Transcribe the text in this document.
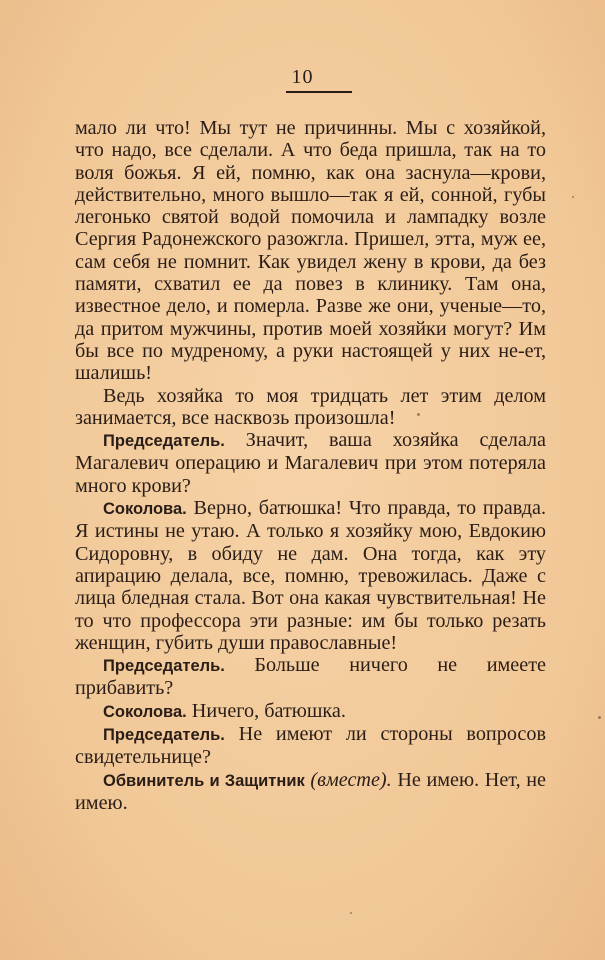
10

мало ли что! Мы тут не причинны. Мы с хозяйкой, что надо, все сделали. А что беда пришла, так на то воля божья. Я ей, помню, как она заснула—крови, действительно, много вышло—так я ей, сонной, губы легонько святой водой помочила и лампадку возле Сергия Радонежского разожгла. Пришел, этта, муж ее, сам себя не помнит. Как увидел жену в крови, да без памяти, схватил ее да повез в клинику. Там она, известное дело, и померла. Разве же они, ученые—то, да притом мужчины, против моей хозяйки могут? Им бы все по мудреному, а руки настоящей у них не-ет, шалишь!

Ведь хозяйка то моя тридцать лет этим делом занимается, все насквозь произошла!

Председатель. Значит, ваша хозяйка сделала Магалевич операцию и Магалевич при этом потеряла много крови?

Соколова. Верно, батюшка! Что правда, то правда. Я истины не утаю. А только я хозяйку мою, Евдокию Сидоровну, в обиду не дам. Она тогда, как эту апирацию делала, все, помню, тревожилась. Даже с лица бледная стала. Вот она какая чувствительная! Не то что профессора эти разные: им бы только резать женщин, губить души православные!

Председатель. Больше ничего не имеете прибавить?

Соколова. Ничего, батюшка.

Председатель. Не имеют ли стороны вопросов свидетельнице?

Обвинитель и Защитник (вместе). Не имею. Нет, не имею.
